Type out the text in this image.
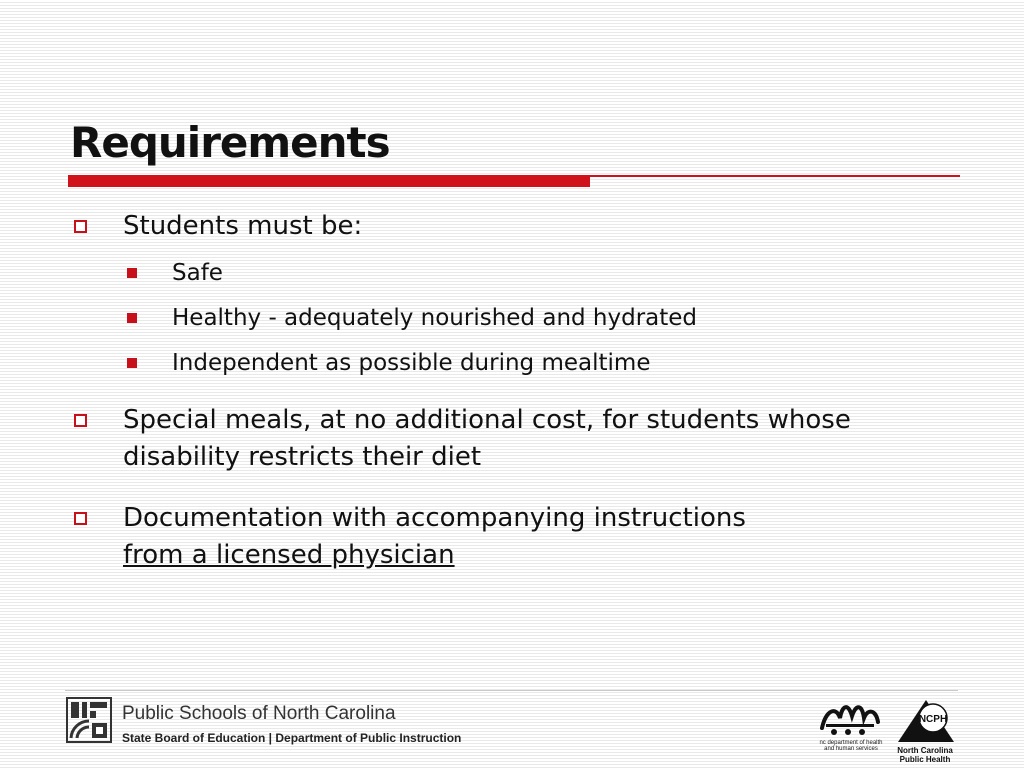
Requirements
Students must be:
Safe
Healthy - adequately nourished and hydrated
Independent as possible during mealtime
Special meals, at no additional cost, for students whose
disability restricts their diet
Documentation with accompanying instructions
from a licensed physician
Public Schools of North Carolina
State Board of Education | Department of Public Instruction	nc department of health and human services
NCPH
North Carolina
Public Health
